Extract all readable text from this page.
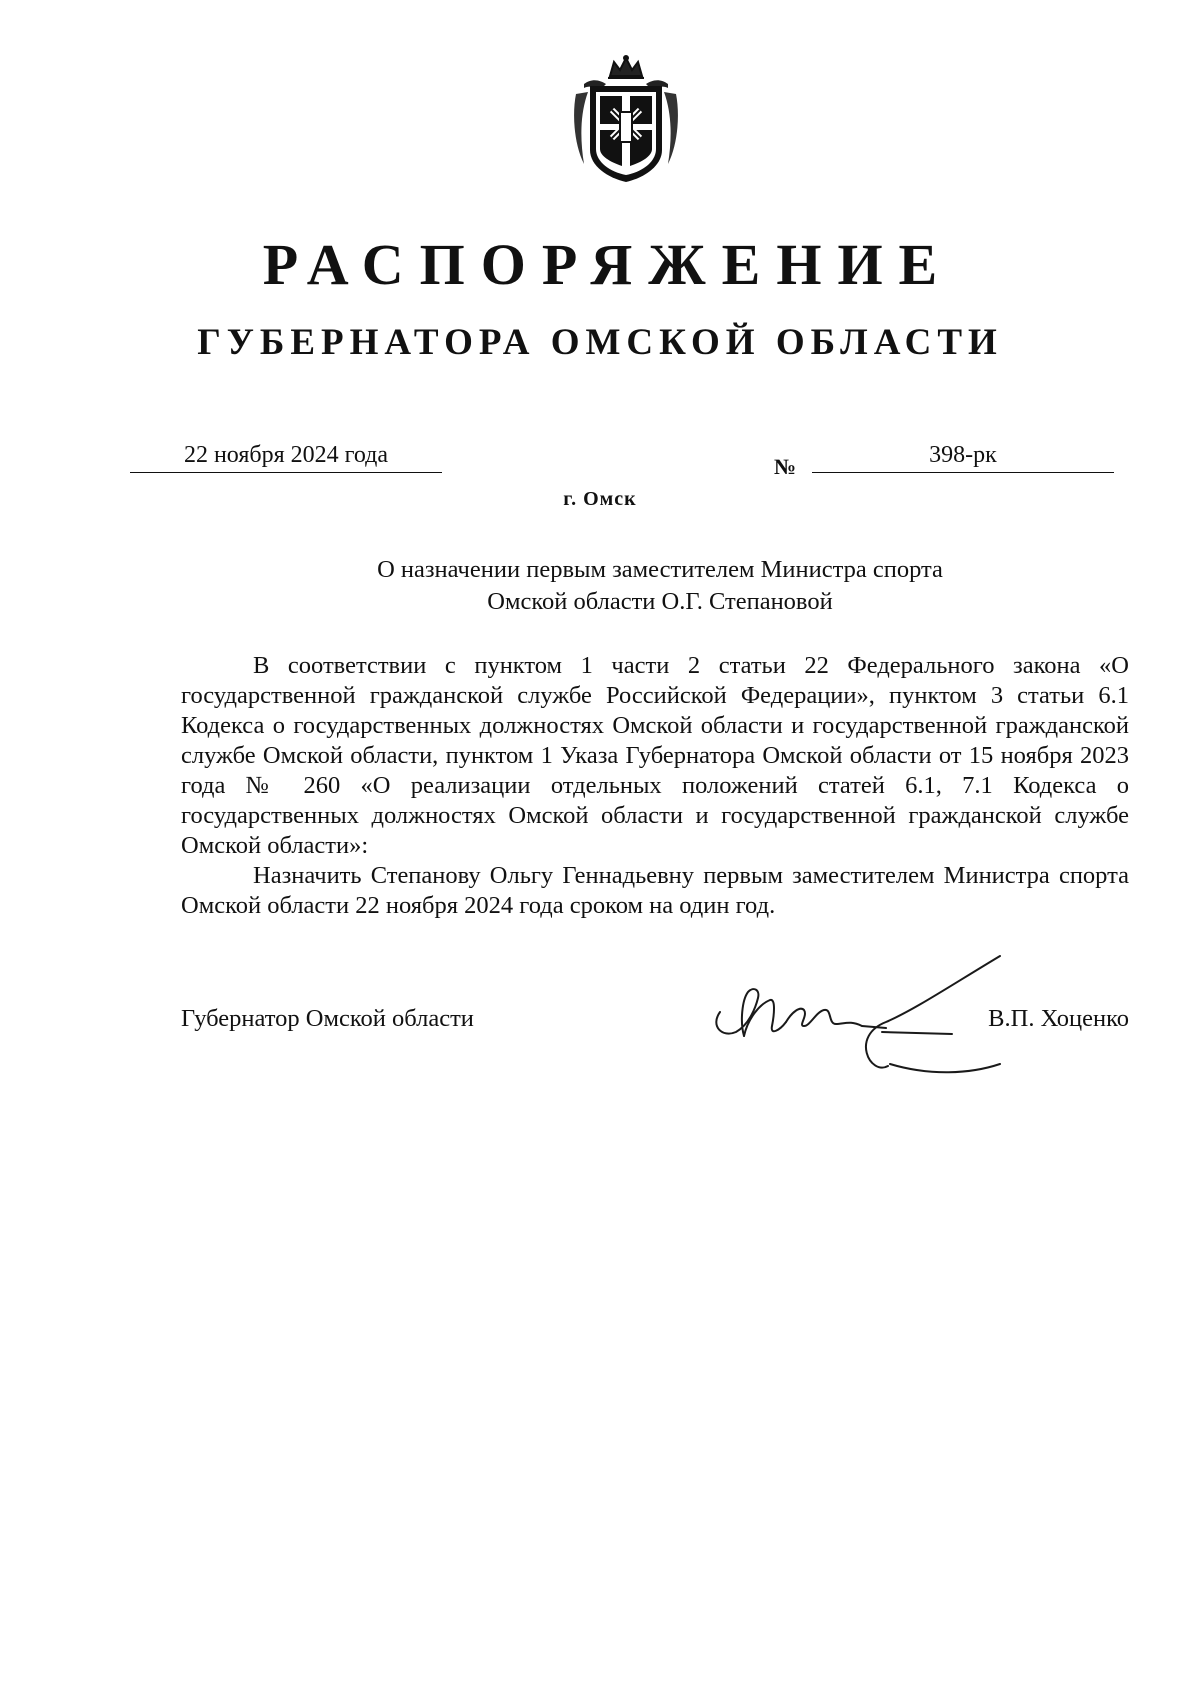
РАСПОРЯЖЕНИЕ
ГУБЕРНАТОРА ОМСКОЙ ОБЛАСТИ
22 ноября 2024 года	№	398-рк
г. Омск
О назначении первым заместителем Министра спорта
Омской области О.Г. Степановой

В соответствии с пунктом 1 части 2 статьи 22 Федерального закона «О государственной гражданской службе Российской Федерации», пунктом 3 статьи 6.1 Кодекса о государственных должностях Омской области и государственной гражданской службе Омской области, пунктом 1 Указа Губернатора Омской области от 15 ноября 2023 года № 260 «О реализации отдельных положений статей 6.1, 7.1 Кодекса о государственных должностях Омской области и государственной гражданской службе Омской области»:

Назначить Степанову Ольгу Геннадьевну первым заместителем Министра спорта Омской области 22 ноября 2024 года сроком на один год.

Губернатор Омской области	В.П. Хоценко
